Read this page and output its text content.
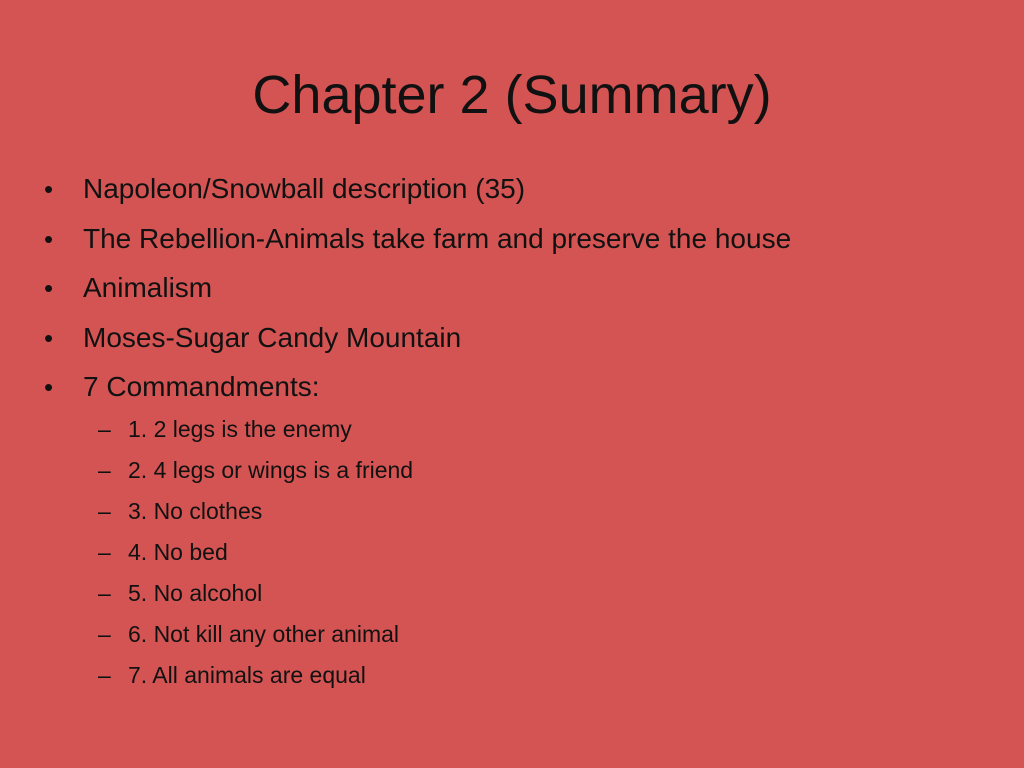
Chapter 2 (Summary)
•	Napoleon/Snowball description (35)
•	The Rebellion-Animals take farm and preserve the house
•	Animalism
•	Moses-Sugar Candy Mountain
•	7 Commandments:
– 1. 2 legs is the enemy
– 2. 4 legs or wings is a friend
– 3. No clothes
– 4. No bed
– 5. No alcohol
– 6. Not kill any other animal
– 7. All animals are equal
